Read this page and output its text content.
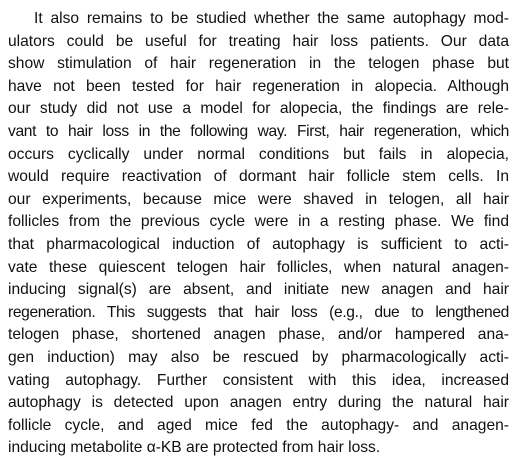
It also remains to be studied whether the same autophagy mod-
ulators could be useful for treating hair loss patients. Our data
show stimulation of hair regeneration in the telogen phase but
have not been tested for hair regeneration in alopecia. Although
our study did not use a model for alopecia, the findings are rele-
vant to hair loss in the following way. First, hair regeneration, which
occurs cyclically under normal conditions but fails in alopecia,
would require reactivation of dormant hair follicle stem cells. In
our experiments, because mice were shaved in telogen, all hair
follicles from the previous cycle were in a resting phase. We find
that pharmacological induction of autophagy is sufficient to acti-
vate these quiescent telogen hair follicles, when natural anagen-
inducing signal(s) are absent, and initiate new anagen and hair
regeneration. This suggests that hair loss (e.g., due to lengthened
telogen phase, shortened anagen phase, and/or hampered ana-
gen induction) may also be rescued by pharmacologically acti-
vating autophagy. Further consistent with this idea, increased
autophagy is detected upon anagen entry during the natural hair
follicle cycle, and aged mice fed the autophagy- and anagen-
inducing metabolite α-KB are protected from hair loss.
